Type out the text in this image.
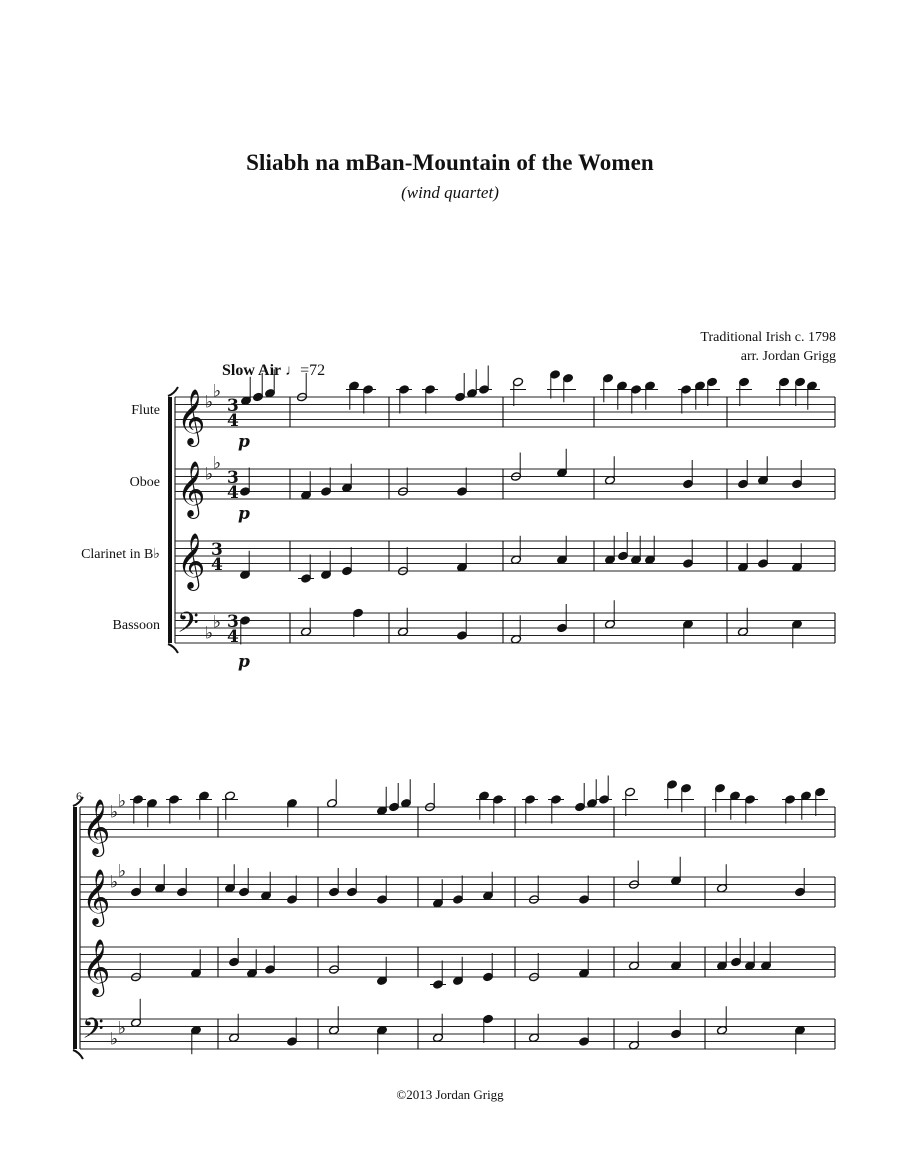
Sliabh na mBan-Mountain of the Women
(wind quartet)
Traditional Irish c. 1798
arr. Jordan Grigg
Slow Air ♩=72
Flute
Oboe
Clarinet in B♭
Bassoon
𝄞 ♭
♭
3
4
𝄞 ♭
♭
3
4
𝄞 3
4
𝄢 ♭
♭ 3
4
p
p
p
𝄞 ♭
♭
𝄞 ♭
♭
𝄞
𝄢 ♭
♭
6
©2013 Jordan Grigg
